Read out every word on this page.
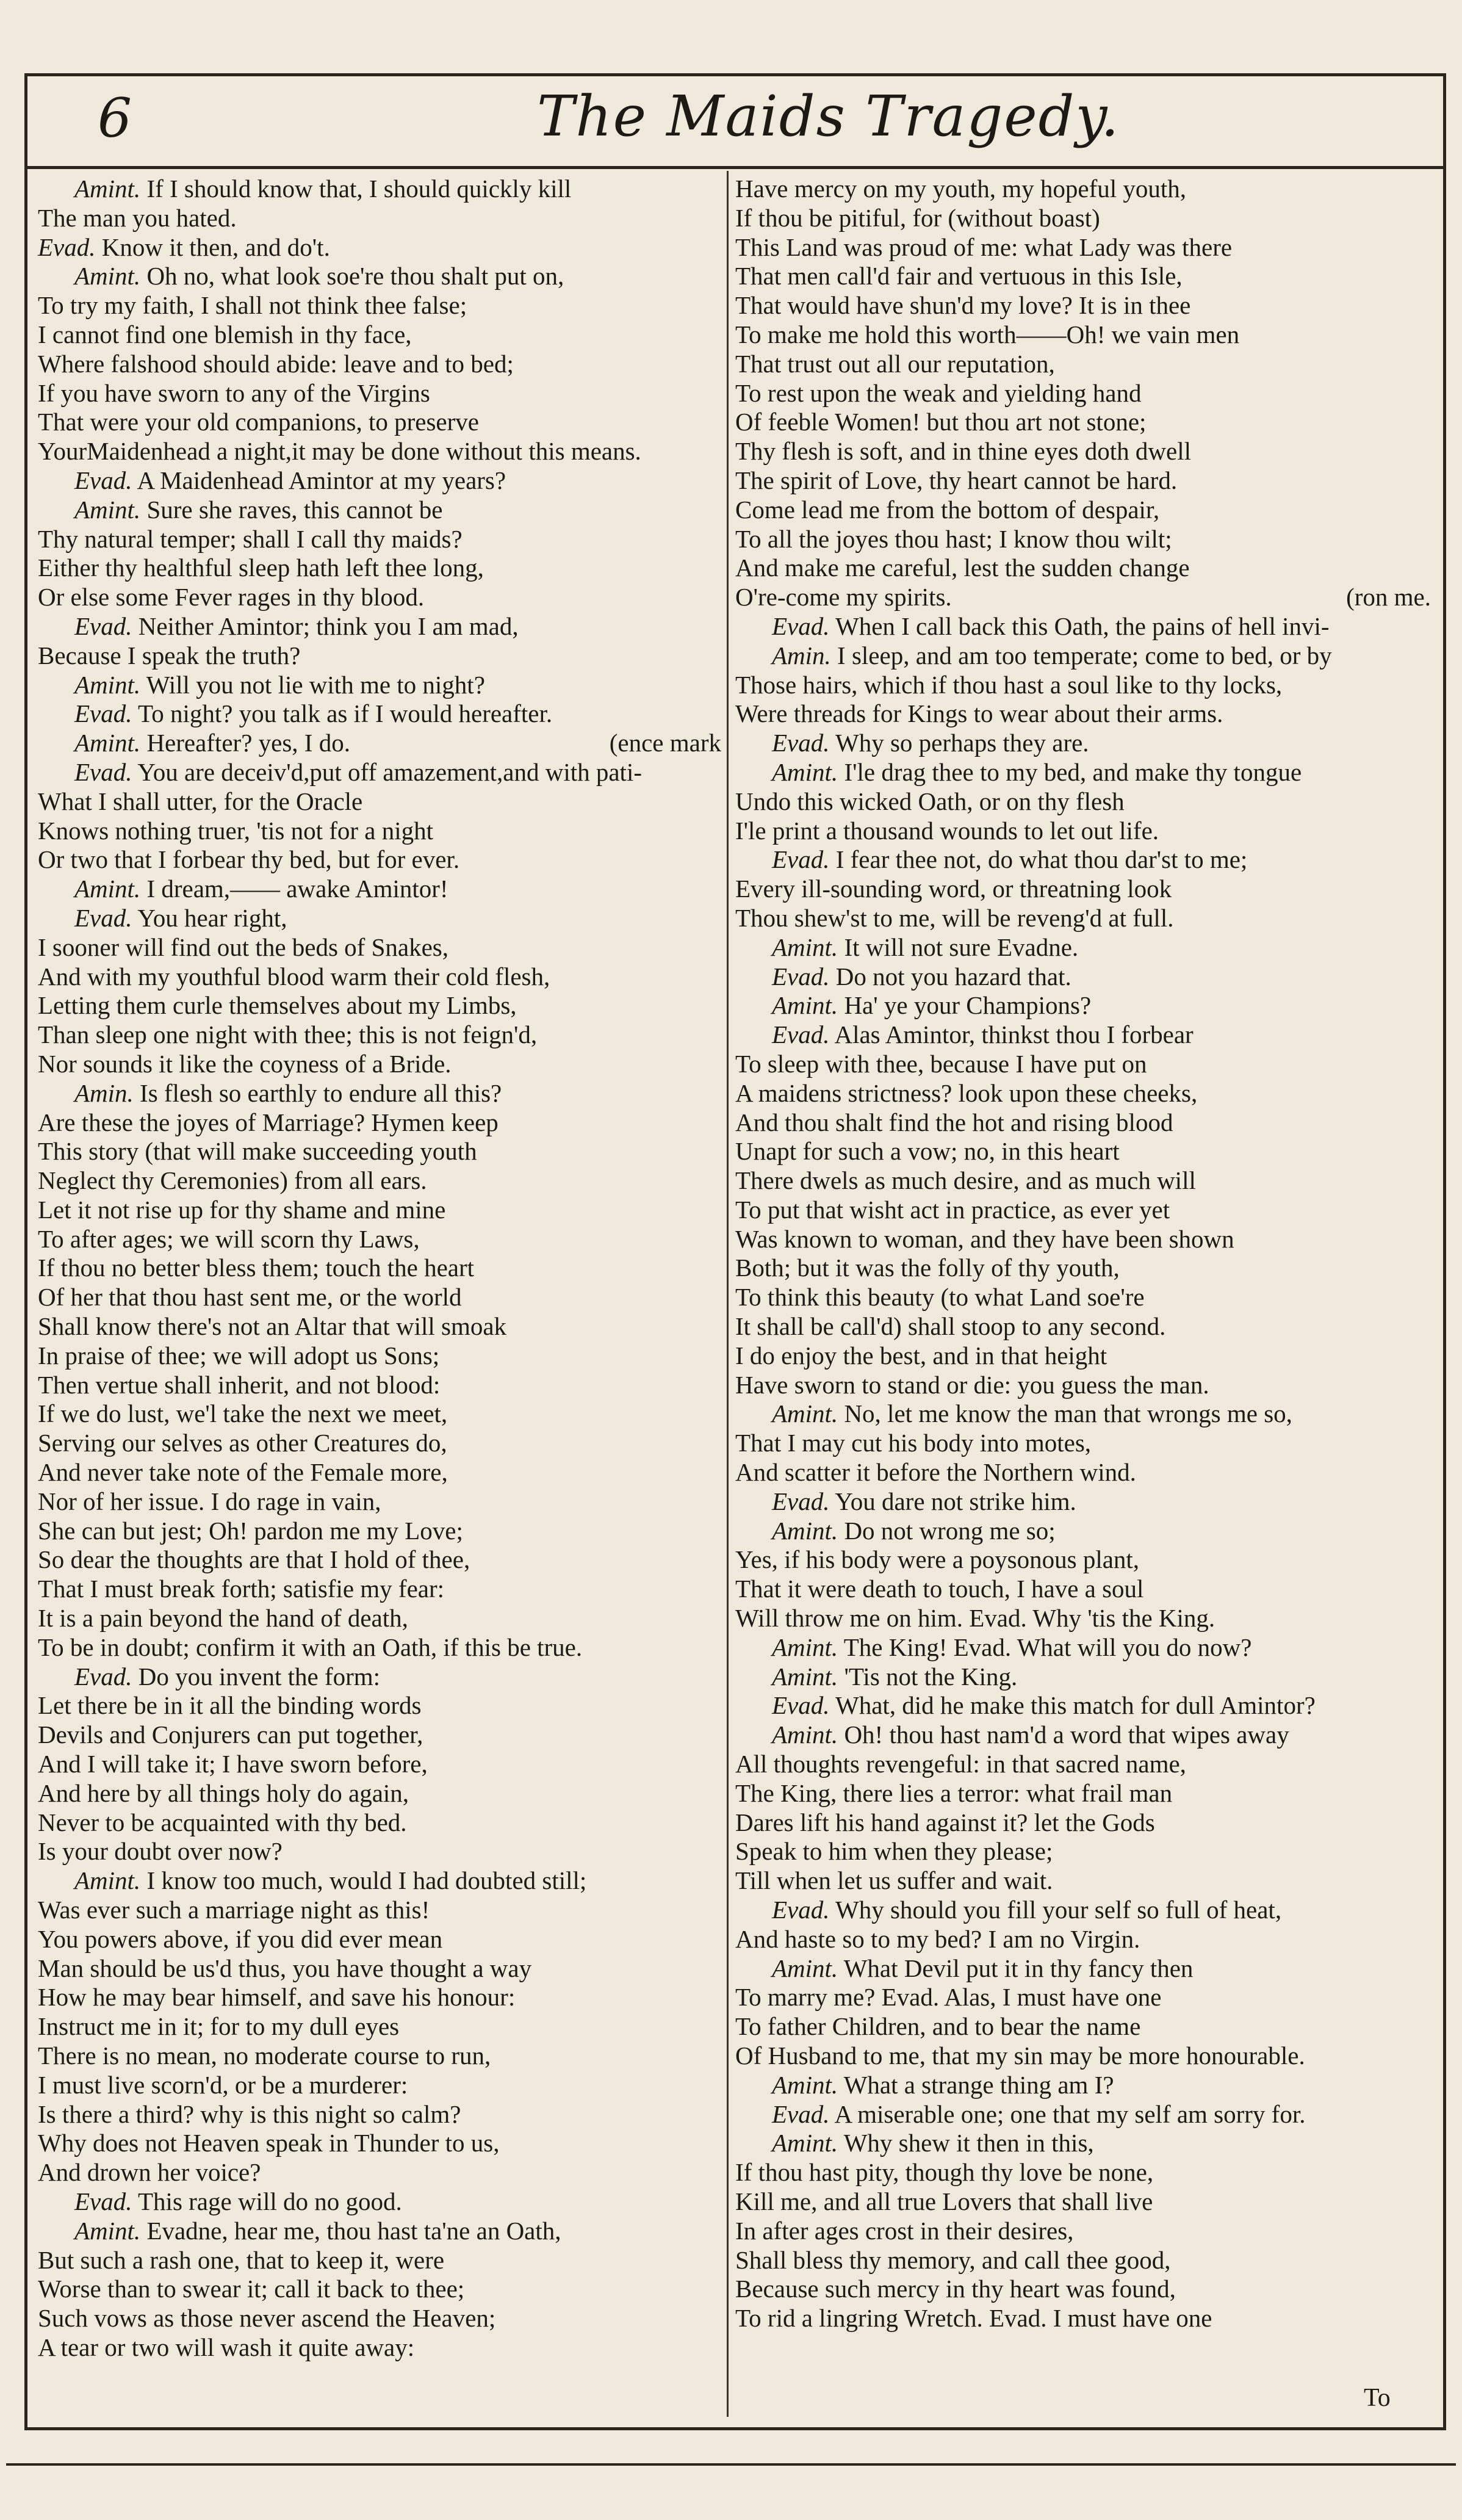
6	The Maids Tragedy.
Amint. If I should know that, I should quickly kill
The man you hated.
Evad. Know it then, and do't.
Amint. Oh no, what look soe're thou shalt put on,
To try my faith, I shall not think thee false;
I cannot find one blemish in thy face,
Where falshood should abide: leave and to bed;
If you have sworn to any of the Virgins
That were your old companions, to preserve
YourMaidenhead a night,it may be done without this means.
Evad. A Maidenhead Amintor at my years?
Amint. Sure she raves, this cannot be
Thy natural temper; shall I call thy maids?
Either thy healthful sleep hath left thee long,
Or else some Fever rages in thy blood.
Evad. Neither Amintor; think you I am mad,
Because I speak the truth?
Amint. Will you not lie with me to night?
Evad. To night? you talk as if I would hereafter.
Amint. Hereafter? yes, I do.	(ence mark
Evad. You are deceiv'd,put off amazement,and with pati-
What I shall utter, for the Oracle
Knows nothing truer, 'tis not for a night
Or two that I forbear thy bed, but for ever.
Amint. I dream,—— awake Amintor!
Evad. You hear right,
I sooner will find out the beds of Snakes,
And with my youthful blood warm their cold flesh,
Letting them curle themselves about my Limbs,
Than sleep one night with thee; this is not feign'd,
Nor sounds it like the coyness of a Bride.
Amin. Is flesh so earthly to endure all this?
Are these the joyes of Marriage? Hymen keep
This story (that will make succeeding youth
Neglect thy Ceremonies) from all ears.
Let it not rise up for thy shame and mine
To after ages; we will scorn thy Laws,
If thou no better bless them; touch the heart
Of her that thou hast sent me, or the world
Shall know there's not an Altar that will smoak
In praise of thee; we will adopt us Sons;
Then vertue shall inherit, and not blood:
If we do lust, we'l take the next we meet,
Serving our selves as other Creatures do,
And never take note of the Female more,
Nor of her issue. I do rage in vain,
She can but jest; Oh! pardon me my Love;
So dear the thoughts are that I hold of thee,
That I must break forth; satisfie my fear:
It is a pain beyond the hand of death,
To be in doubt; confirm it with an Oath, if this be true.
Evad. Do you invent the form:
Let there be in it all the binding words
Devils and Conjurers can put together,
And I will take it; I have sworn before,
And here by all things holy do again,
Never to be acquainted with thy bed.
Is your doubt over now?
Amint. I know too much, would I had doubted still;
Was ever such a marriage night as this!
You powers above, if you did ever mean
Man should be us'd thus, you have thought a way
How he may bear himself, and save his honour:
Instruct me in it; for to my dull eyes
There is no mean, no moderate course to run,
I must live scorn'd, or be a murderer:
Is there a third? why is this night so calm?
Why does not Heaven speak in Thunder to us,
And drown her voice?
Evad. This rage will do no good.
Amint. Evadne, hear me, thou hast ta'ne an Oath,
But such a rash one, that to keep it, were
Worse than to swear it; call it back to thee;
Such vows as those never ascend the Heaven;
A tear or two will wash it quite away:
Have mercy on my youth, my hopeful youth,
If thou be pitiful, for (without boast)
This Land was proud of me: what Lady was there
That men call'd fair and vertuous in this Isle,
That would have shun'd my love? It is in thee
To make me hold this worth——Oh! we vain men
That trust out all our reputation,
To rest upon the weak and yielding hand
Of feeble Women! but thou art not stone;
Thy flesh is soft, and in thine eyes doth dwell
The spirit of Love, thy heart cannot be hard.
Come lead me from the bottom of despair,
To all the joyes thou hast; I know thou wilt;
And make me careful, lest the sudden change
O're-come my spirits.	(ron me.
Evad. When I call back this Oath, the pains of hell invi-
Amin. I sleep, and am too temperate; come to bed, or by
Those hairs, which if thou hast a soul like to thy locks,
Were threads for Kings to wear about their arms.
Evad. Why so perhaps they are.
Amint. I'le drag thee to my bed, and make thy tongue
Undo this wicked Oath, or on thy flesh
I'le print a thousand wounds to let out life.
Evad. I fear thee not, do what thou dar'st to me;
Every ill-sounding word, or threatning look
Thou shew'st to me, will be reveng'd at full.
Amint. It will not sure Evadne.
Evad. Do not you hazard that.
Amint. Ha' ye your Champions?
Evad. Alas Amintor, thinkst thou I forbear
To sleep with thee, because I have put on
A maidens strictness? look upon these cheeks,
And thou shalt find the hot and rising blood
Unapt for such a vow; no, in this heart
There dwels as much desire, and as much will
To put that wisht act in practice, as ever yet
Was known to woman, and they have been shown
Both; but it was the folly of thy youth,
To think this beauty (to what Land soe're
It shall be call'd) shall stoop to any second.
I do enjoy the best, and in that height
Have sworn to stand or die: you guess the man.
Amint. No, let me know the man that wrongs me so,
That I may cut his body into motes,
And scatter it before the Northern wind.
Evad. You dare not strike him.
Amint. Do not wrong me so;
Yes, if his body were a poysonous plant,
That it were death to touch, I have a soul
Will throw me on him. Evad. Why 'tis the King.
Amint. The King! Evad. What will you do now?
Amint. 'Tis not the King.
Evad. What, did he make this match for dull Amintor?
Amint. Oh! thou hast nam'd a word that wipes away
All thoughts revengeful: in that sacred name,
The King, there lies a terror: what frail man
Dares lift his hand against it? let the Gods
Speak to him when they please;
Till when let us suffer and wait.
Evad. Why should you fill your self so full of heat,
And haste so to my bed? I am no Virgin.
Amint. What Devil put it in thy fancy then
To marry me? Evad. Alas, I must have one
To father Children, and to bear the name
Of Husband to me, that my sin may be more honourable.
Amint. What a strange thing am I?
Evad. A miserable one; one that my self am sorry for.
Amint. Why shew it then in this,
If thou hast pity, though thy love be none,
Kill me, and all true Lovers that shall live
In after ages crost in their desires,
Shall bless thy memory, and call thee good,
Because such mercy in thy heart was found,
To rid a lingring Wretch. Evad. I must have one
To
